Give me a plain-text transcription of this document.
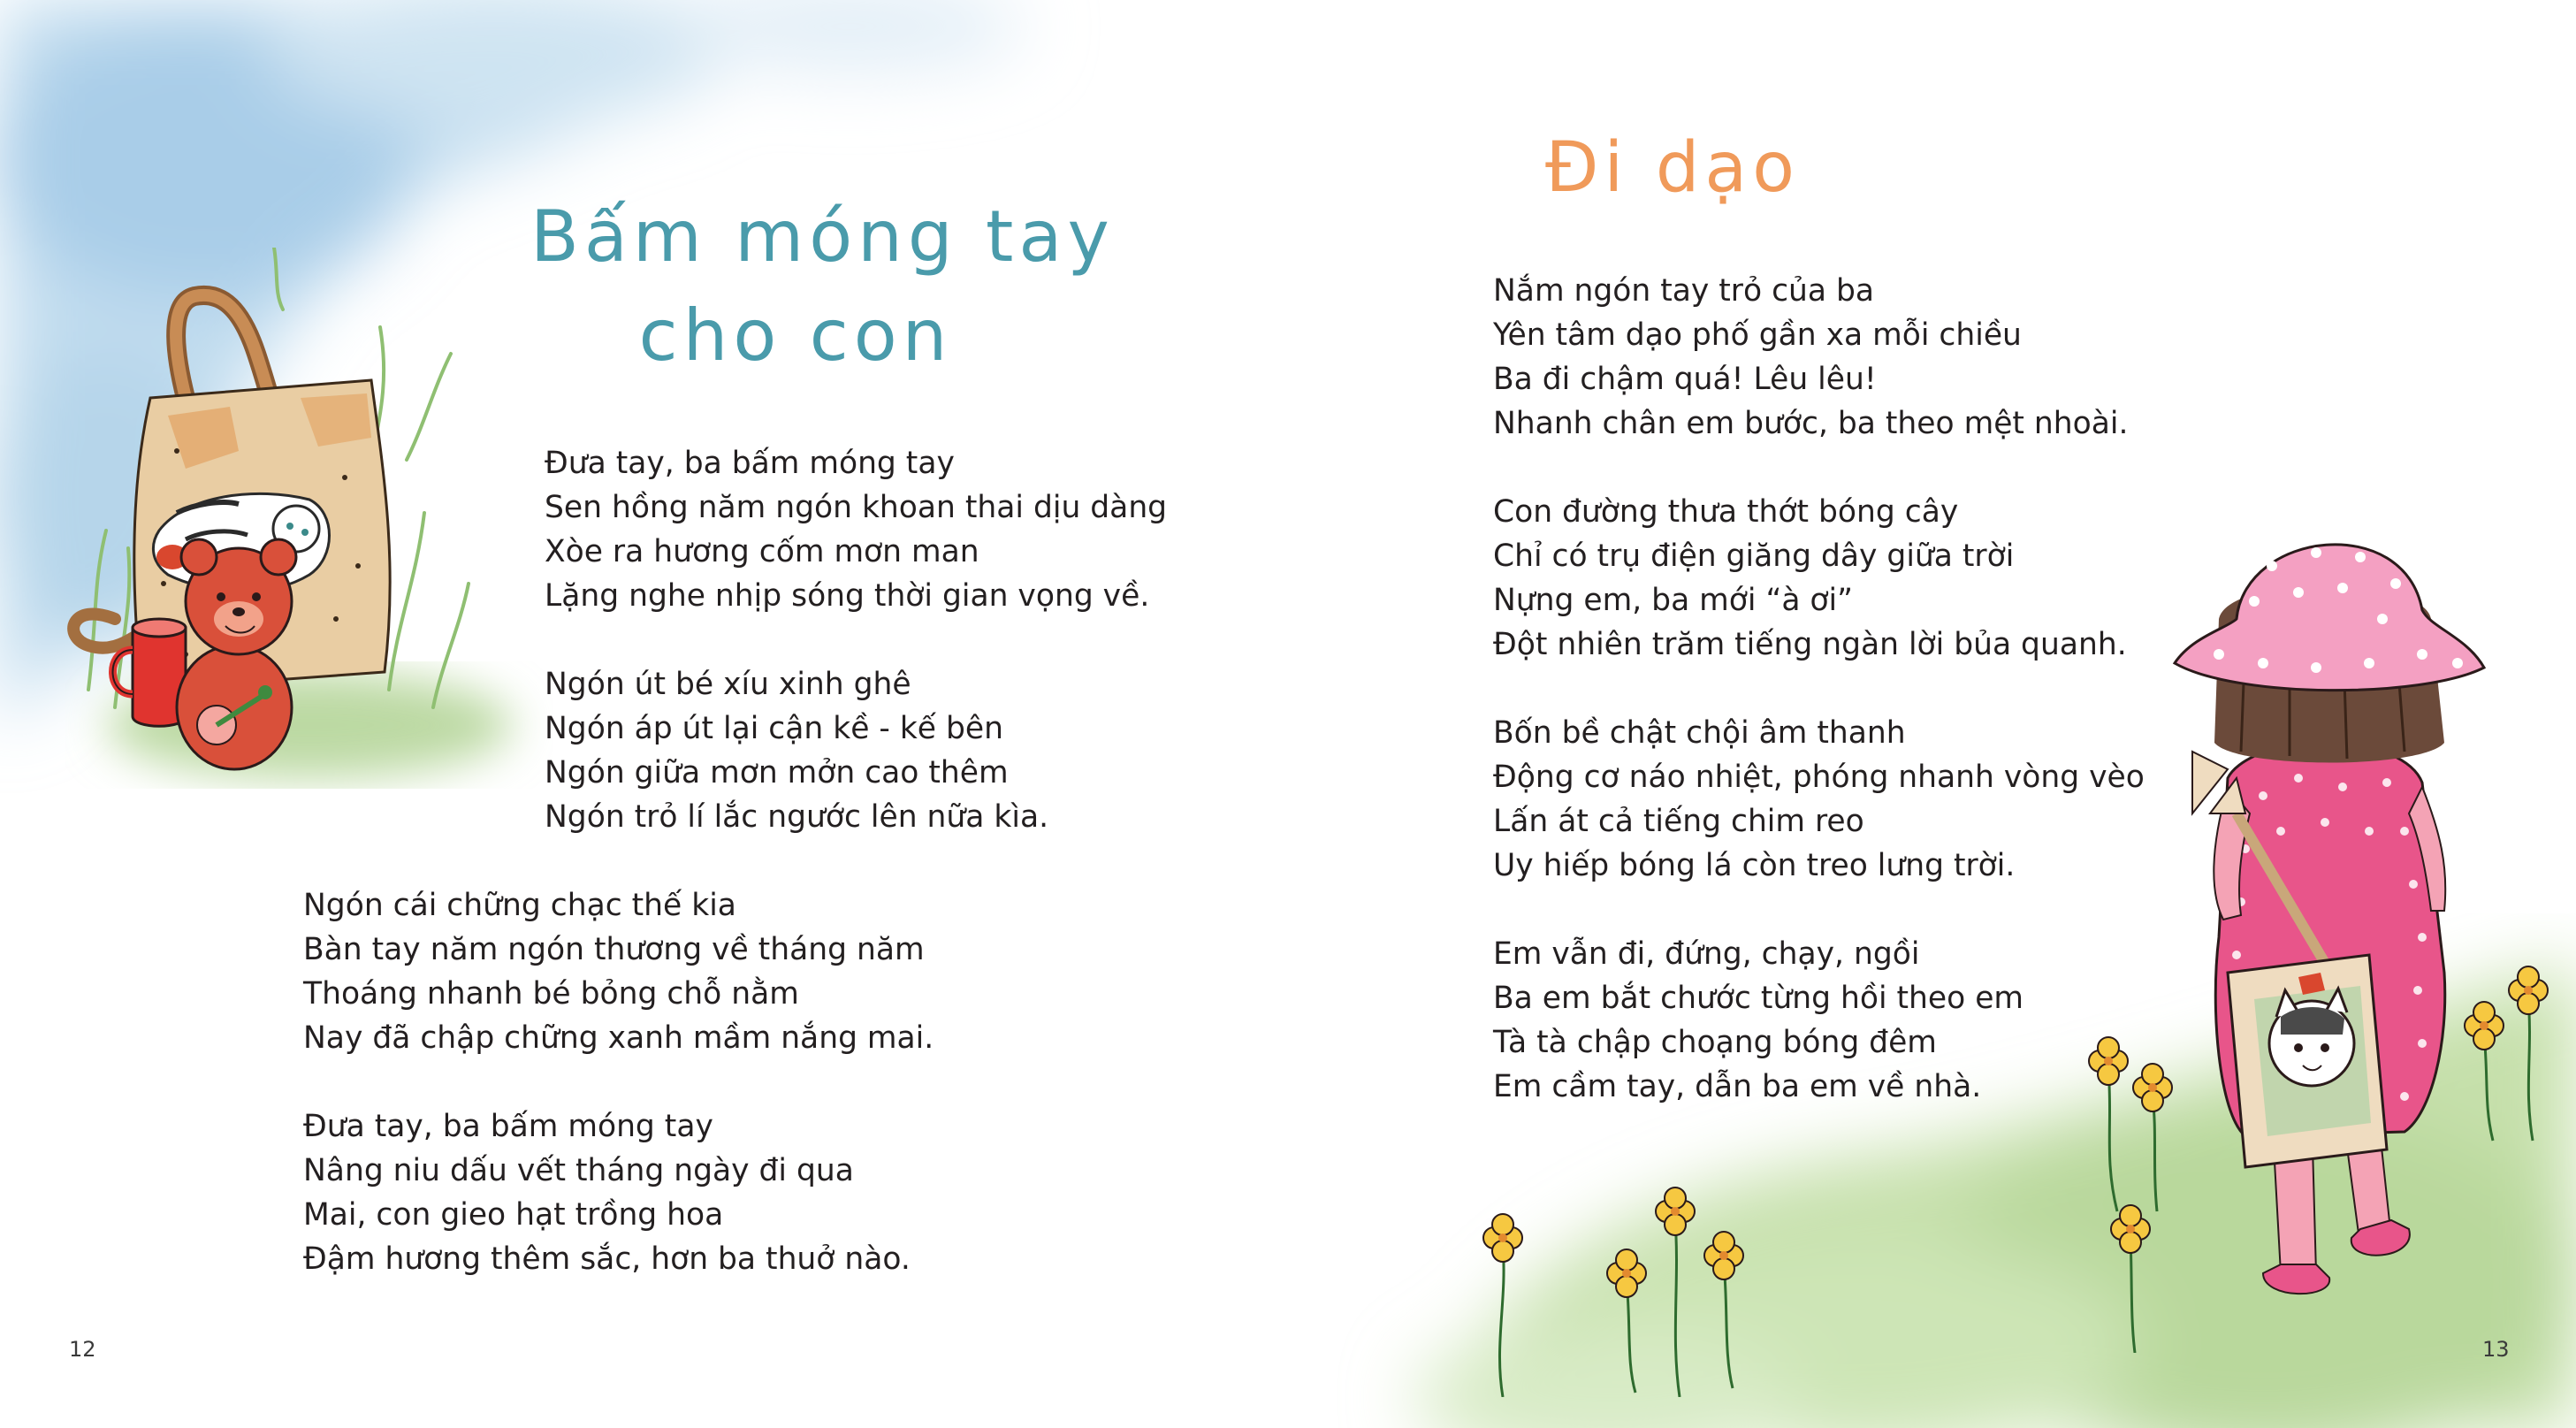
Bấm móng tay
cho con
Đưa tay, ba bấm móng tay
Sen hồng năm ngón khoan thai dịu dàng
Xòe ra hương cốm mơn man
Lặng nghe nhịp sóng thời gian vọng về.
Ngón út bé xíu xinh ghê
Ngón áp út lại cận kề - kế bên
Ngón giữa mơn mởn cao thêm
Ngón trỏ lí lắc ngước lên nữa kìa.
Ngón cái chững chạc thế kia
Bàn tay năm ngón thương về tháng năm
Thoáng nhanh bé bỏng chỗ nằm
Nay đã chập chững xanh mầm nắng mai.
Đưa tay, ba bấm móng tay
Nâng niu dấu vết tháng ngày đi qua
Mai, con gieo hạt trồng hoa
Đậm hương thêm sắc, hơn ba thuở nào.
12
Đi dạo
Nắm ngón tay trỏ của ba
Yên tâm dạo phố gần xa mỗi chiều
Ba đi chậm quá! Lêu lêu!
Nhanh chân em bước, ba theo mệt nhoài.
Con đường thưa thớt bóng cây
Chỉ có trụ điện giăng dây giữa trời
Nựng em, ba mới “à ơi”
Đột nhiên trăm tiếng ngàn lời bủa quanh.
Bốn bề chật chội âm thanh
Động cơ náo nhiệt, phóng nhanh vòng vèo
Lấn át cả tiếng chim reo
Uy hiếp bóng lá còn treo lưng trời.
Em vẫn đi, đứng, chạy, ngồi
Ba em bắt chước từng hồi theo em
Tà tà chập choạng bóng đêm
Em cầm tay, dẫn ba em về nhà.
13
